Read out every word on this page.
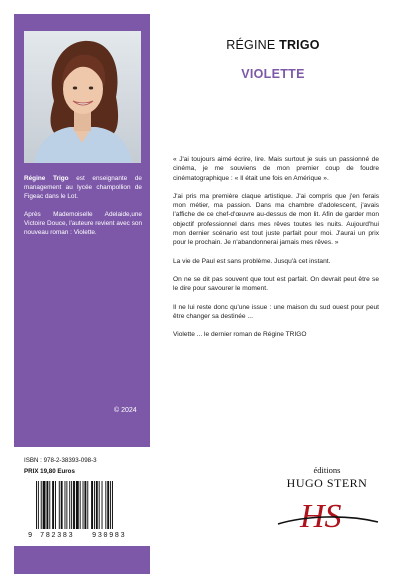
Régine Trigo est enseignante de management au lycée champollion de Figeac dans le Lot.

Après Mademoiselle Adelaide,une Victoire Douce, l'auteure revient avec son nouveau roman : Violette.

© 2024
RÉGINE TRIGO
VIOLETTE

« J'ai toujours aimé écrire, lire. Mais surtout je suis un passionné de cinéma, je me souviens de mon premier coup de foudre cinématographique : « Il était une fois en Amérique ».

J'ai pris ma première claque artistique. J'ai compris que j'en ferais mon métier, ma passion. Dans ma chambre d'adolescent, j'avais l'affiche de ce chef-d'œuvre au-dessus de mon lit. Afin de garder mon objectif professionnel dans mes rêves toutes les nuits. Aujourd'hui mon dernier scénario est tout juste parfait pour moi. J'aurai un prix pour le prochain. Je n'abandonnerai jamais mes rêves. »

La vie de Paul est sans problème. Jusqu'à cet instant.

On ne se dit pas souvent que tout est parfait. On devrait peut être se le dire pour savourer le moment.

Il ne lui reste donc qu'une issue : une maison du sud ouest pour peut être changer sa destinée ...

Violette ... le dernier roman de Régine TRIGO

ISBN : 978-2-38393-098-3
PRIX 19,80 Euros
9 782383	930983
éditions
HUGO STERN
HS
